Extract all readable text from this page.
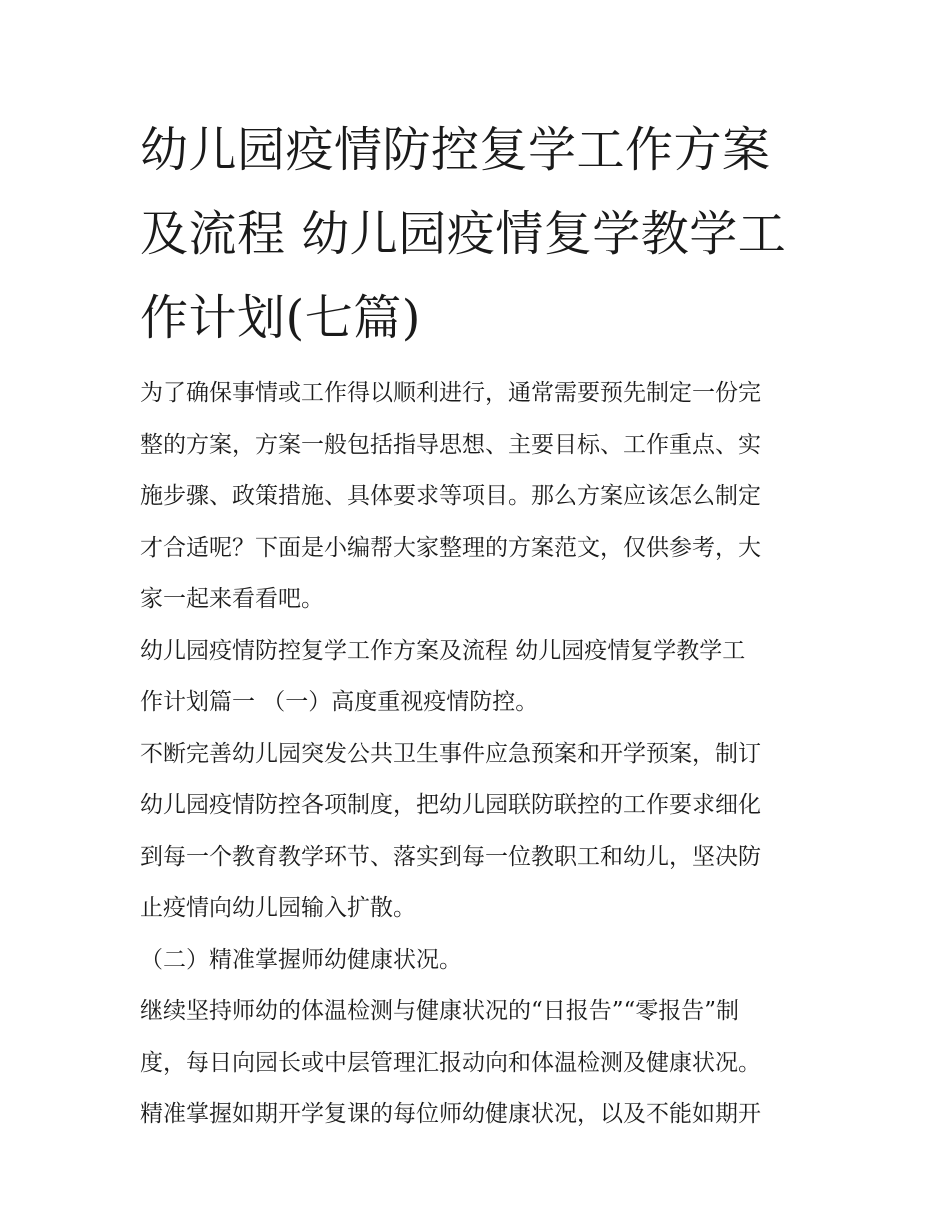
幼儿园疫情防控复学工作方案
及流程 幼儿园疫情复学教学工
作计划(七篇)
为了确保事情或工作得以顺利进行，通常需要预先制定一份完
整的方案，方案一般包括指导思想、主要目标、工作重点、实
施步骤、政策措施、具体要求等项目。那么方案应该怎么制定
才合适呢？下面是小编帮大家整理的方案范文，仅供参考，大
家一起来看看吧。
幼儿园疫情防控复学工作方案及流程 幼儿园疫情复学教学工
作计划篇一 （一）高度重视疫情防控。
不断完善幼儿园突发公共卫生事件应急预案和开学预案，制订
幼儿园疫情防控各项制度，把幼儿园联防联控的工作要求细化
到每一个教育教学环节、落实到每一位教职工和幼儿，坚决防
止疫情向幼儿园输入扩散。
（二）精准掌握师幼健康状况。
继续坚持师幼的体温检测与健康状况的“日报告”“零报告”制
度，每日向园长或中层管理汇报动向和体温检测及健康状况。
精准掌握如期开学复课的每位师幼健康状况，以及不能如期开
